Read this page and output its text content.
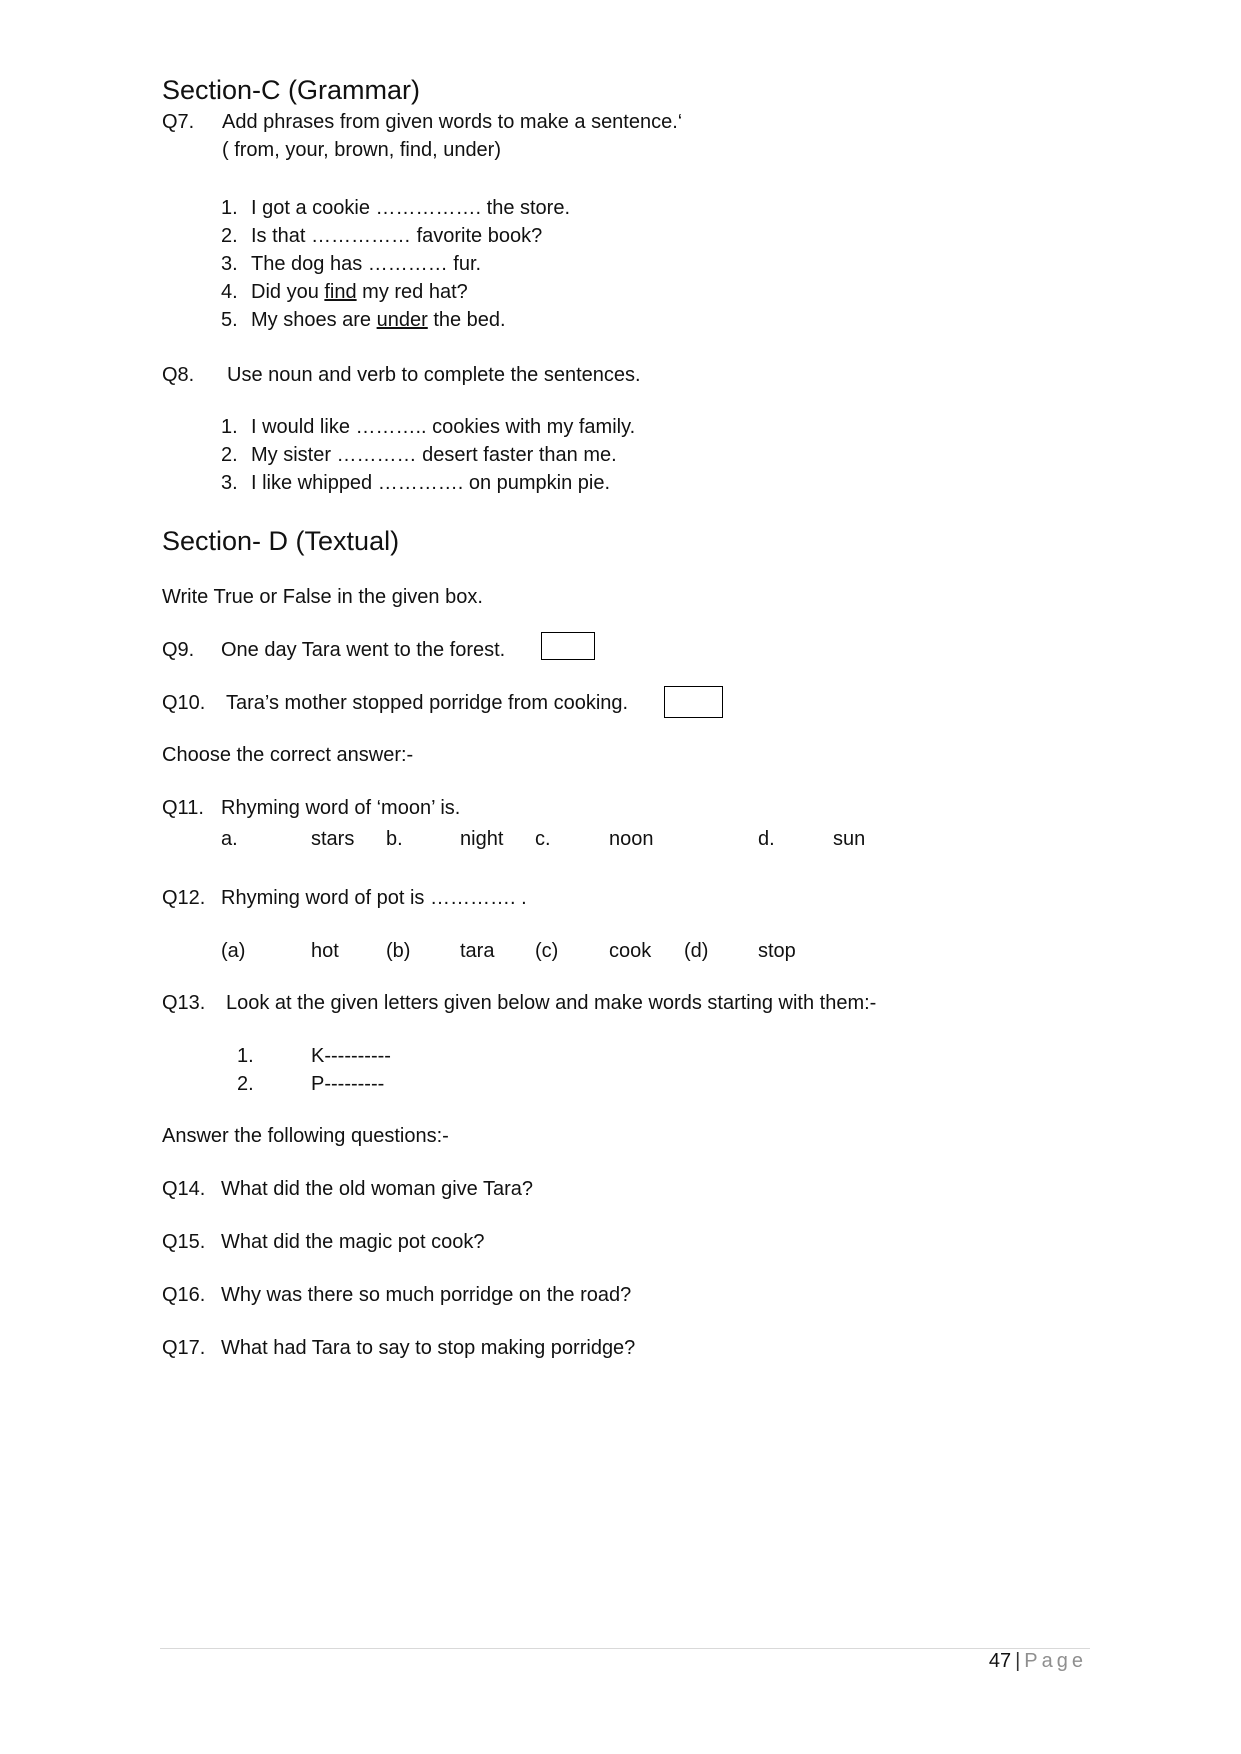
Section-C (Grammar)
Q7. Add phrases from given words to make a sentence.‘
( from, your, brown, find, under)
1. I got a cookie ……………. the store.
2. Is that …………… favorite book?
3. The dog has ………… fur.
4. Did you find my red hat?
5. My shoes are under the bed.
Q8. Use noun and verb to complete the sentences.
1. I would like ……….. cookies with my family.
2. My sister ………… desert faster than me.
3. I like whipped …………. on pumpkin pie.
Section- D (Textual)
Write True or False in the given box.
Q9. One day Tara went to the forest.
Q10. Tara’s mother stopped porridge from cooking.
Choose the correct answer:-
Q11. Rhyming word of ‘moon’ is.
a.	stars b.	night c.	noon	d.	sun
Q12. Rhyming word of pot is …………. .
(a)	hot (b) tara (c)	cook (d) stop
Q13. Look at the given letters given below and make words starting with them:-
1.	K----------
2.	P---------
Answer the following questions:-
Q14. What did the old woman give Tara?
Q15. What did the magic pot cook?
Q16. Why was there so much porridge on the road?
Q17. What had Tara to say to stop making porridge?
47 | Page
